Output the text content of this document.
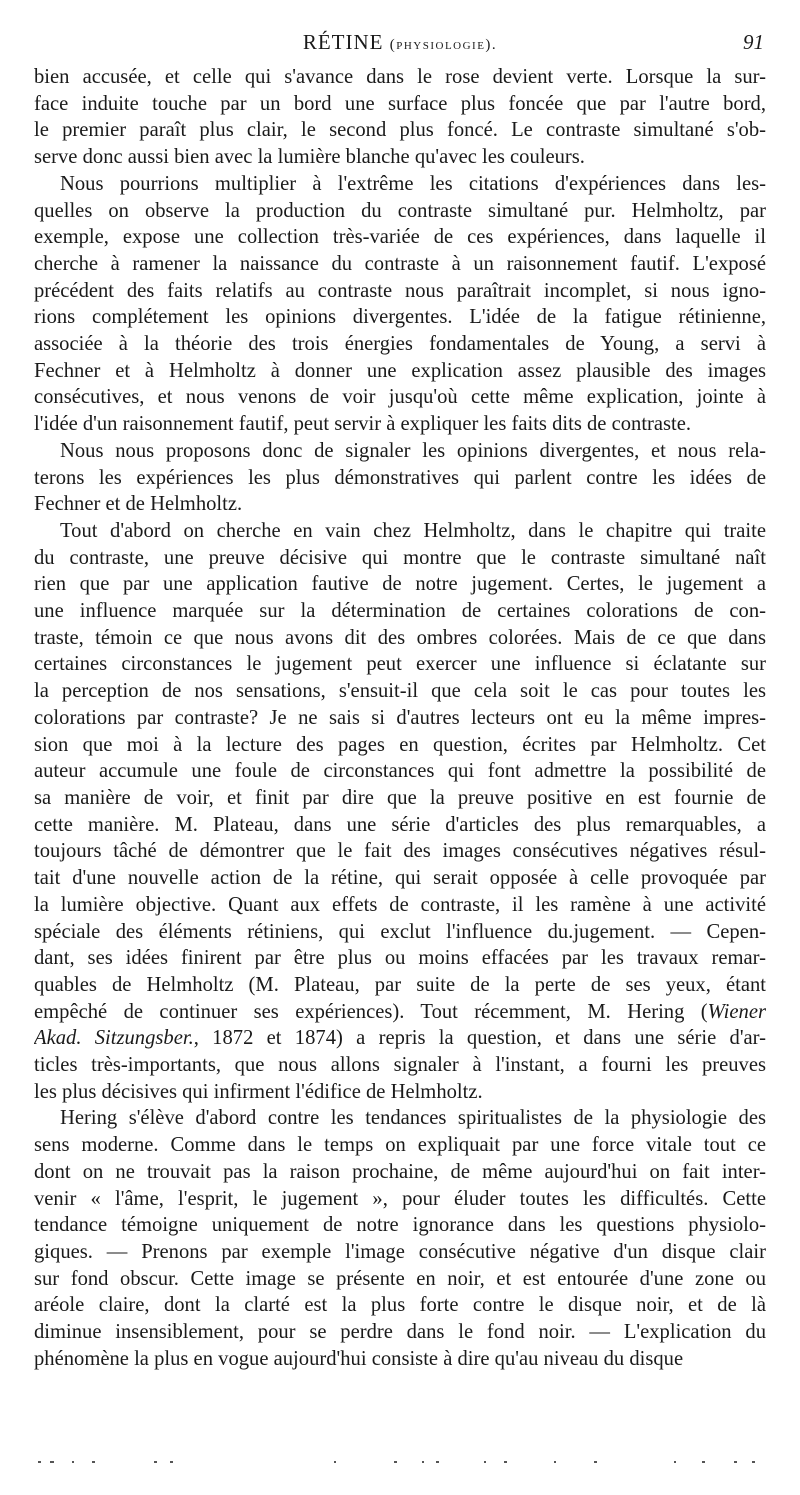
RÉTINE (physiologie).	91
bien accusée, et celle qui s'avance dans le rose devient verte. Lorsque la sur-
face induite touche par un bord une surface plus foncée que par l'autre bord,
le premier paraît plus clair, le second plus foncé. Le contraste simultané s'ob-
serve donc aussi bien avec la lumière blanche qu'avec les couleurs.
Nous pourrions multiplier à l'extrême les citations d'expériences dans les-
quelles on observe la production du contraste simultané pur. Helmholtz, par
exemple, expose une collection très-variée de ces expériences, dans laquelle il
cherche à ramener la naissance du contraste à un raisonnement fautif. L'exposé
précédent des faits relatifs au contraste nous paraîtrait incomplet, si nous igno-
rions complétement les opinions divergentes. L'idée de la fatigue rétinienne,
associée à la théorie des trois énergies fondamentales de Young, a servi à
Fechner et à Helmholtz à donner une explication assez plausible des images
consécutives, et nous venons de voir jusqu'où cette même explication, jointe à
l'idée d'un raisonnement fautif, peut servir à expliquer les faits dits de contraste.
Nous nous proposons donc de signaler les opinions divergentes, et nous rela-
terons les expériences les plus démonstratives qui parlent contre les idées de
Fechner et de Helmholtz.
Tout d'abord on cherche en vain chez Helmholtz, dans le chapitre qui traite
du contraste, une preuve décisive qui montre que le contraste simultané naît
rien que par une application fautive de notre jugement. Certes, le jugement a
une influence marquée sur la détermination de certaines colorations de con-
traste, témoin ce que nous avons dit des ombres colorées. Mais de ce que dans
certaines circonstances le jugement peut exercer une influence si éclatante sur
la perception de nos sensations, s'ensuit-il que cela soit le cas pour toutes les
colorations par contraste? Je ne sais si d'autres lecteurs ont eu la même impres-
sion que moi à la lecture des pages en question, écrites par Helmholtz. Cet
auteur accumule une foule de circonstances qui font admettre la possibilité de
sa manière de voir, et finit par dire que la preuve positive en est fournie de
cette manière. M. Plateau, dans une série d'articles des plus remarquables, a
toujours tâché de démontrer que le fait des images consécutives négatives résul-
tait d'une nouvelle action de la rétine, qui serait opposée à celle provoquée par
la lumière objective. Quant aux effets de contraste, il les ramène à une activité
spéciale des éléments rétiniens, qui exclut l'influence du.jugement. — Cepen-
dant, ses idées finirent par être plus ou moins effacées par les travaux remar-
quables de Helmholtz (M. Plateau, par suite de la perte de ses yeux, étant
empêché de continuer ses expériences). Tout récemment, M. Hering (Wiener
Akad. Sitzungsber., 1872 et 1874) a repris la question, et dans une série d'ar-
ticles très-importants, que nous allons signaler à l'instant, a fourni les preuves
les plus décisives qui infirment l'édifice de Helmholtz.
Hering s'élève d'abord contre les tendances spiritualistes de la physiologie des
sens moderne. Comme dans le temps on expliquait par une force vitale tout ce
dont on ne trouvait pas la raison prochaine, de même aujourd'hui on fait inter-
venir « l'âme, l'esprit, le jugement », pour éluder toutes les difficultés. Cette
tendance témoigne uniquement de notre ignorance dans les questions physiolo-
giques. — Prenons par exemple l'image consécutive négative d'un disque clair
sur fond obscur. Cette image se présente en noir, et est entourée d'une zone ou
aréole claire, dont la clarté est la plus forte contre le disque noir, et de là
diminue insensiblement, pour se perdre dans le fond noir. — L'explication du
phénomène la plus en vogue aujourd'hui consiste à dire qu'au niveau du disque
